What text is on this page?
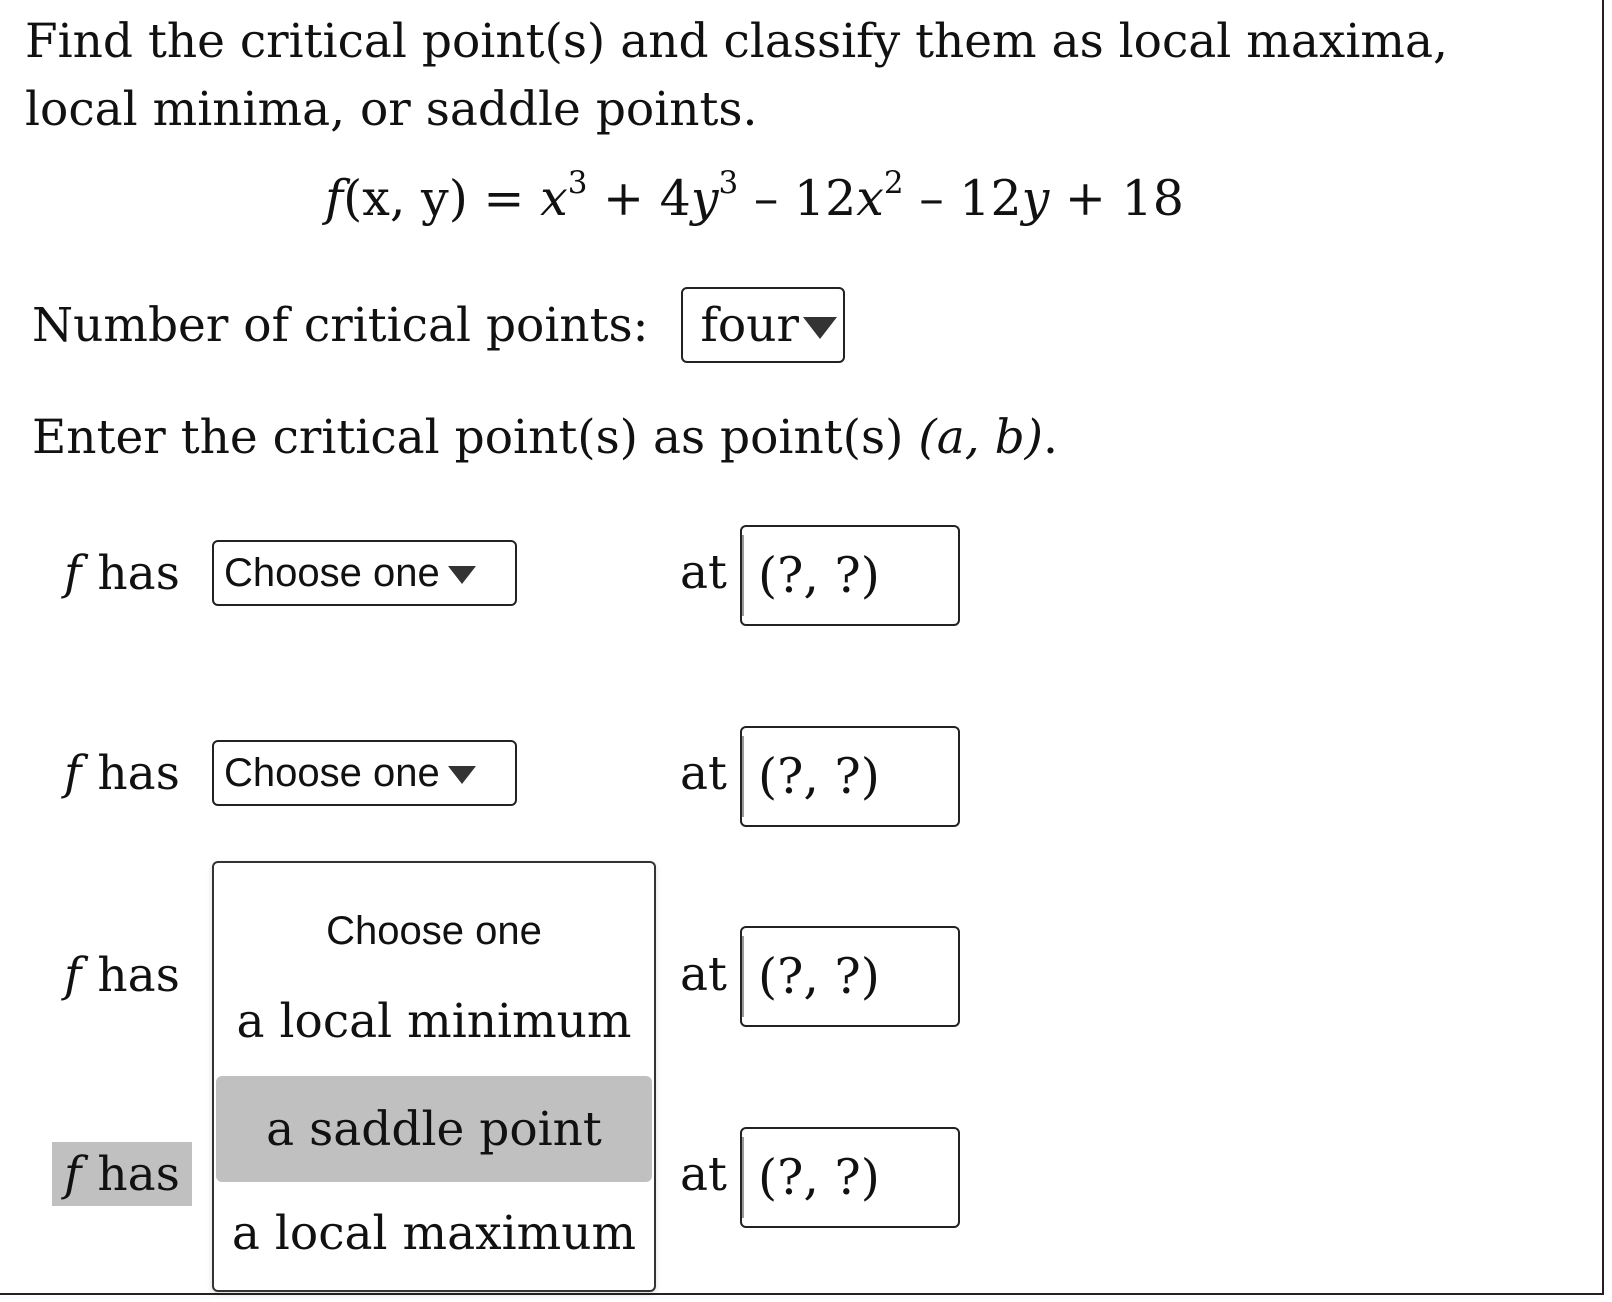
Find the critical point(s) and classify them as local maxima, local minima, or saddle points.
f(x, $y) = x^3 + 4y^3 - 12x^2 - 12y + 18$
Number of critical points: four
Enter the critical point(s) as point(s) (a, b).
f has Choose one	at (?, ?)
f has Choose one	at (?, ?)
f has	at (?, ?)
f has	at (?, ?)
Choose one
a local minimum
a saddle point
a local maximum
